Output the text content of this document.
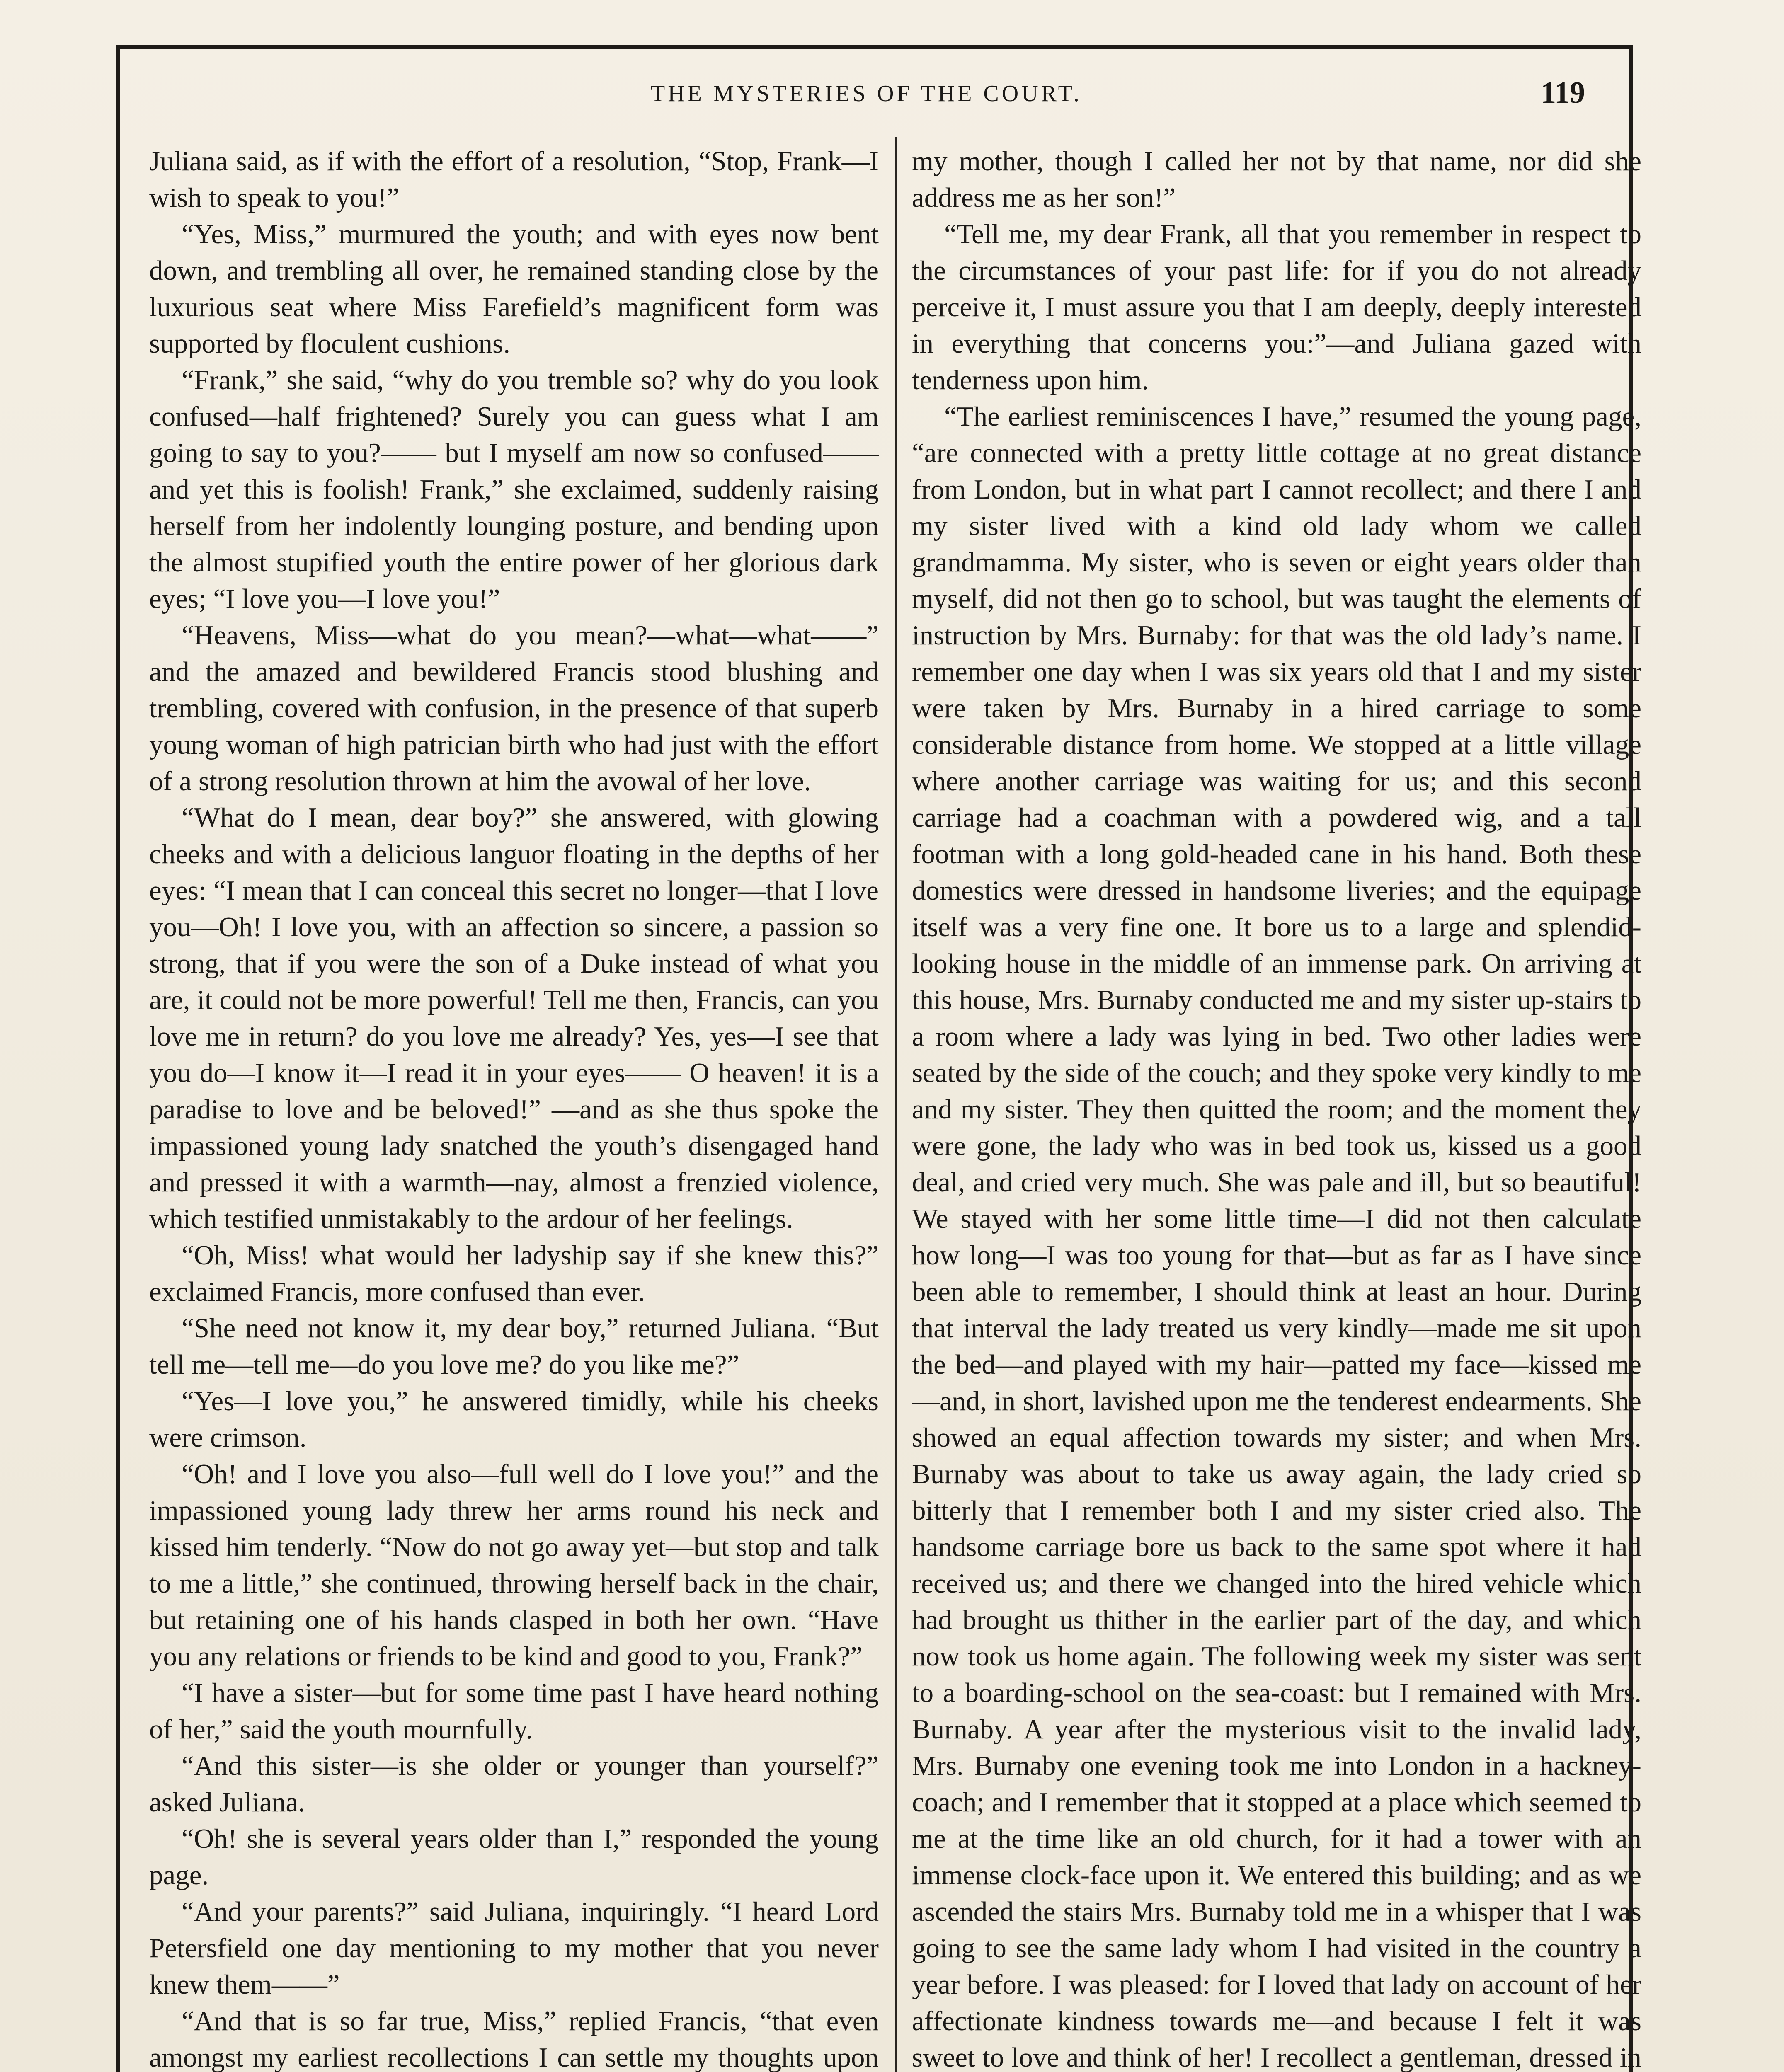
THE MYSTERIES OF THE COURT.	119

Juliana said, as if with the effort of a resolution, “Stop, Frank—I wish to speak to you!”

“Yes, Miss,” murmured the youth; and with eyes now bent down, and trembling all over, he remained standing close by the luxurious seat where Miss Farefield’s magnificent form was supported by floculent cushions.

“Frank,” she said, “why do you tremble so? why do you look confused—half frightened? Surely you can guess what I am going to say to you?—— but I myself am now so confused——and yet this is foolish! Frank,” she exclaimed, suddenly raising herself from her indolently lounging posture, and bending upon the almost stupified youth the entire power of her glorious dark eyes; “I love you—I love you!”

“Heavens, Miss—what do you mean?—what—what——” and the amazed and bewildered Francis stood blushing and trembling, covered with confusion, in the presence of that superb young woman of high patrician birth who had just with the effort of a strong resolution thrown at him the avowal of her love.

“What do I mean, dear boy?” she answered, with glowing cheeks and with a delicious languor floating in the depths of her eyes: “I mean that I can conceal this secret no longer—that I love you—Oh! I love you, with an affection so sincere, a passion so strong, that if you were the son of a Duke instead of what you are, it could not be more powerful! Tell me then, Francis, can you love me in return? do you love me already? Yes, yes—I see that you do—I know it—I read it in your eyes—— O heaven! it is a paradise to love and be beloved!” —and as she thus spoke the impassioned young lady snatched the youth’s disengaged hand and pressed it with a warmth—nay, almost a frenzied violence, which testified unmistakably to the ardour of her feelings.

“Oh, Miss! what would her ladyship say if she knew this?” exclaimed Francis, more confused than ever.

“She need not know it, my dear boy,” returned Juliana. “But tell me—tell me—do you love me? do you like me?”

“Yes—I love you,” he answered timidly, while his cheeks were crimson.

“Oh! and I love you also—full well do I love you!” and the impassioned young lady threw her arms round his neck and kissed him tenderly. “Now do not go away yet—but stop and talk to me a little,” she continued, throwing herself back in the chair, but retaining one of his hands clasped in both her own. “Have you any relations or friends to be kind and good to you, Frank?”

“I have a sister—but for some time past I have heard nothing of her,” said the youth mournfully.

“And this sister—is she older or younger than yourself?” asked Juliana.

“Oh! she is several years older than I,” responded the young page.

“And your parents?” said Juliana, inquiringly. “I heard Lord Petersfield one day mentioning to my mother that you never knew them——”

“And that is so far true, Miss,” replied Francis, “that even amongst my earliest recollections I can settle my thoughts upon

my mother, though I called her not by that name, nor did she address me as her son!”

“Tell me, my dear Frank, all that you remember in respect to the circumstances of your past life: for if you do not already perceive it, I must assure you that I am deeply, deeply interested in everything that concerns you:”—and Juliana gazed with tenderness upon him.

“The earliest reminiscences I have,” resumed the young page, “are connected with a pretty little cottage at no great distance from London, but in what part I cannot recollect; and there I and my sister lived with a kind old lady whom we called grandmamma. My sister, who is seven or eight years older than myself, did not then go to school, but was taught the elements of instruction by Mrs. Burnaby: for that was the old lady’s name. I remember one day when I was six years old that I and my sister were taken by Mrs. Burnaby in a hired carriage to some considerable distance from home. We stopped at a little village where another carriage was waiting for us; and this second carriage had a coachman with a powdered wig, and a tall footman with a long gold-headed cane in his hand. Both these domestics were dressed in handsome liveries; and the equipage itself was a very fine one. It bore us to a large and splendid-looking house in the middle of an immense park. On arriving at this house, Mrs. Burnaby conducted me and my sister up-stairs to a room where a lady was lying in bed. Two other ladies were seated by the side of the couch; and they spoke very kindly to me and my sister. They then quitted the room; and the moment they were gone, the lady who was in bed took us, kissed us a good deal, and cried very much. She was pale and ill, but so beautiful! We stayed with her some little time—I did not then calculate how long—I was too young for that—but as far as I have since been able to remember, I should think at least an hour. During that interval the lady treated us very kindly—made me sit upon the bed—and played with my hair—patted my face—kissed me—and, in short, lavished upon me the tenderest endearments. She showed an equal affection towards my sister; and when Mrs. Burnaby was about to take us away again, the lady cried so bitterly that I remember both I and my sister cried also. The handsome carriage bore us back to the same spot where it had received us; and there we changed into the hired vehicle which had brought us thither in the earlier part of the day, and which now took us home again. The following week my sister was sent to a boarding-school on the sea-coast: but I remained with Mrs. Burnaby. A year after the mysterious visit to the invalid lady, Mrs. Burnaby one evening took me into London in a hackney-coach; and I remember that it stopped at a place which seemed to me at the time like an old church, for it had a tower with an immense clock-face upon it. We entered this building; and as we ascended the stairs Mrs. Burnaby told me in a whisper that I was going to see the same lady whom I had visited in the country a year before. I was pleased: for I loved that lady on account of her affectionate kindness towards me—and because I felt it was sweet to love and think of her! I recollect a gentleman, dressed in
